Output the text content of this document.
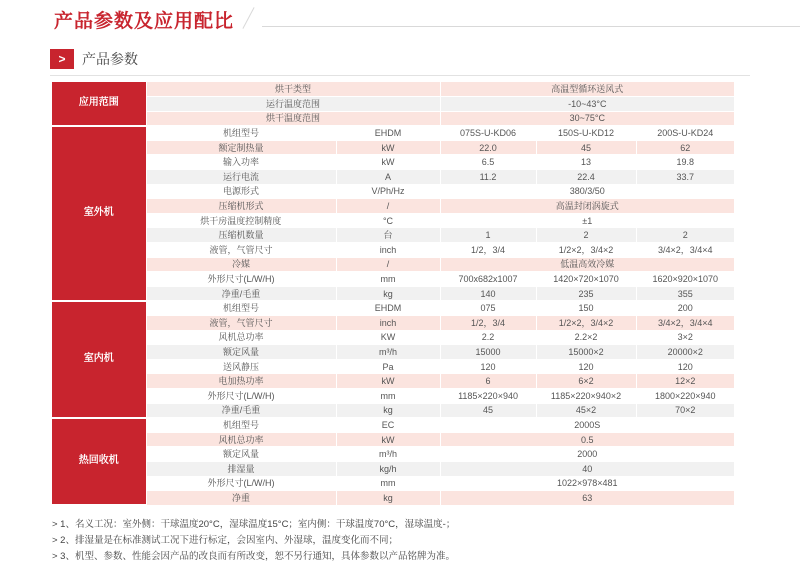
产品参数及应用配比
>	产品参数
应用范围	烘干类型		高温型循环送风式		
	运行温度范围		-10~43°C		
	烘干温度范围		30~75°C		
室外机	机组型号	EHDM	075S-U-KD06	150S-U-KD12	200S-U-KD24
	额定制热量	kW	22.0	45	62
	输入功率	kW	6.5	13	19.8
	运行电流	A	11.2	22.4	33.7
	电源形式	V/Ph/Hz	380/3/50		
	压缩机形式	/	高温封闭涡旋式		
	烘干房温度控制精度	°C	±1		
	压缩机数量	台	1	2	2
	液管，气管尺寸	inch	1/2，3/4	1/2×2，3/4×2	3/4×2，3/4×4
	冷媒	/	低温高效冷媒		
	外形尺寸(L/W/H)	mm	700x682x1007	1420×720×1070	1620×920×1070
	净重/毛重	kg	140	235	355
室内机	机组型号	EHDM	075	150	200
	液管，气管尺寸	inch	1/2，3/4	1/2×2，3/4×2	3/4×2，3/4×4
	风机总功率	KW	2.2	2.2×2	3×2
	额定风量	m³/h	15000	15000×2	20000×2
	送风静压	Pa	120	120	120
	电加热功率	kW	6	6×2	12×2
	外形尺寸(L/W/H)	mm	1185×220×940	1185×220×940×2	1800×220×940
	净重/毛重	kg	45	45×2	70×2
热回收机	机组型号	EC	2000S		
	风机总功率	kW	0.5		
	额定风量	m³/h	2000		
	排湿量	kg/h	40		
	外形尺寸(L/W/H)	mm	1022×978×481		
	净重	kg	63		
> 1、名义工况：室外侧：干球温度20°C，湿球温度15°C；室内侧：干球温度70°C，湿球温度-；
> 2、排湿量是在标准测试工况下进行标定，会因室内、外湿球，温度变化而不同；
> 3、机型、参数、性能会因产品的改良而有所改变，恕不另行通知，具体参数以产品铭牌为准。
